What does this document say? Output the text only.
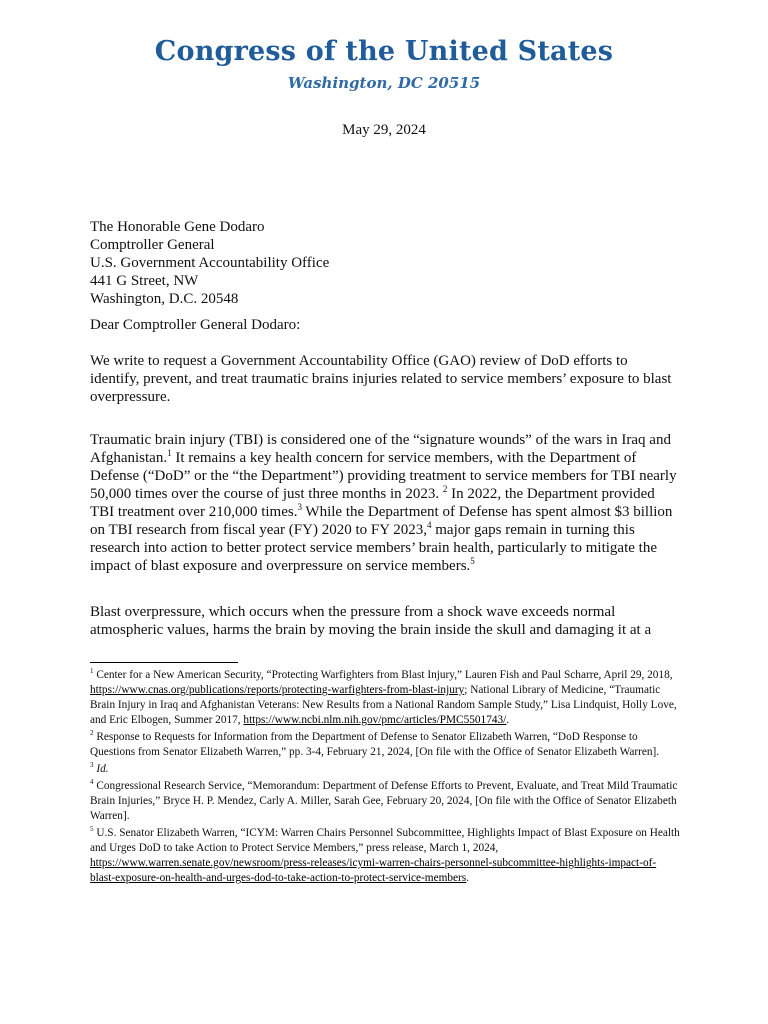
Congress of the United States
Washington, DC 20515
May 29, 2024
The Honorable Gene Dodaro
Comptroller General
U.S. Government Accountability Office
441 G Street, NW
Washington, D.C. 20548
Dear Comptroller General Dodaro:
We write to request a Government Accountability Office (GAO) review of DoD efforts to identify, prevent, and treat traumatic brains injuries related to service members’ exposure to blast overpressure.
Traumatic brain injury (TBI) is considered one of the “signature wounds” of the wars in Iraq and Afghanistan.$^1$ It remains a key health concern for service members, with the Department of Defense (“DoD” or the “the Department”) providing treatment to service members for TBI nearly 50,000 times over the course of just three months in 2023. $^2$ In 2022, the Department provided TBI treatment over 210,000 times.$^3$ While the Department of Defense has spent almost $3 billion on TBI research from fiscal year (FY) 2020 to FY 2023,$^4$ major gaps remain in turning this research into action to better protect service members’ brain health, particularly to mitigate the impact of blast exposure and overpressure on service members.$^5$
Blast overpressure, which occurs when the pressure from a shock wave exceeds normal atmospheric values, harms the brain by moving the brain inside the skull and damaging it at a
$^1$ Center for a New American Security, “Protecting Warfighters from Blast Injury,” Lauren Fish and Paul Scharre, April 29, 2018, https://www.cnas.org/publications/reports/protecting-warfighters-from-blast-injury; National Library of Medicine, “Traumatic Brain Injury in Iraq and Afghanistan Veterans: New Results from a National Random Sample Study,” Lisa Lindquist, Holly Love, and Eric Elbogen, Summer 2017, https://www.ncbi.nlm.nih.gov/pmc/articles/PMC5501743/.
$^2$ Response to Requests for Information from the Department of Defense to Senator Elizabeth Warren, “DoD Response to Questions from Senator Elizabeth Warren,” pp. 3-4, February 21, 2024, [On file with the Office of Senator Elizabeth Warren].
$^3$ Id.
$^4$ Congressional Research Service, “Memorandum: Department of Defense Efforts to Prevent, Evaluate, and Treat Mild Traumatic Brain Injuries,” Bryce H. P. Mendez, Carly A. Miller, Sarah Gee, February 20, 2024, [On file with the Office of Senator Elizabeth Warren].
$^5$ U.S. Senator Elizabeth Warren, “ICYM: Warren Chairs Personnel Subcommittee, Highlights Impact of Blast Exposure on Health and Urges DoD to take Action to Protect Service Members,” press release, March 1, 2024, https://www.warren.senate.gov/newsroom/press-releases/icymi-warren-chairs-personnel-subcommittee-highlights-impact-of-blast-exposure-on-health-and-urges-dod-to-take-action-to-protect-service-members.
